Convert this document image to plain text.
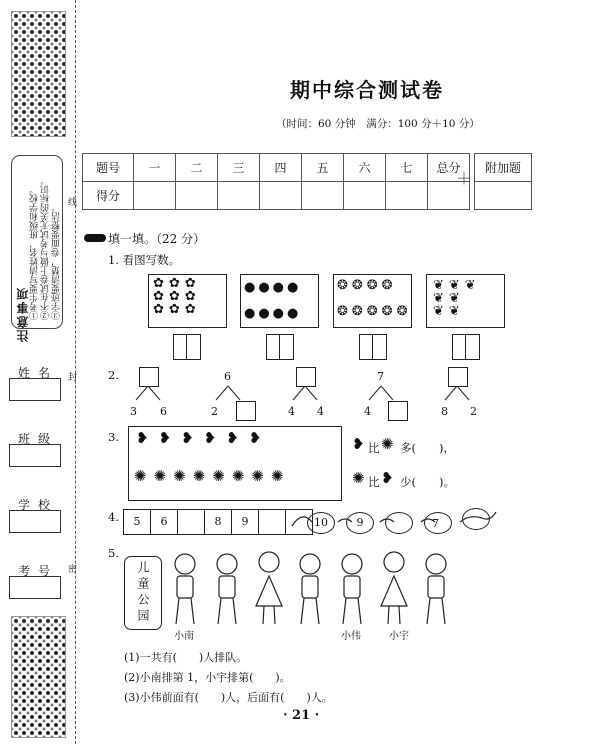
线
封
密
注意事项 ①考生要写清姓名、班级和学校。 ②不在试卷上做与考试无关的标识。 ③字迹要清楚，卷面要整洁。
姓名
班级
学校
考号
期中综合测试卷
（时间：60 分钟　满分：100 分＋10 分）
题号	一	二	三	四	五	六	七	总分
得分								
＋
附加题

填一填。（22 分）
1. 看图写数。
✿✿✿
✿✿✿
✿✿✿
●●●●

●●●●
❂❂❂❂

❂❂❂❂❂
❦❦❦
❦❦
❦❦
2.
3 6
6
2	4 4
7
4	8 2
3. ❥❥❥❥❥❥
✺✺✺✺✺✺✺✺
❥ 比 ✺ 多(　　)，
✺ 比 ❥ 少(　　)。
4.	5	6	8	9	10	9	7
5.
儿童公园
小南	小伟	小宇
(1)一共有(　　)人排队。
(2)小南排第 1，小宇排第(　　)。
(3)小伟前面有(　　)人，后面有(　　)人。
· 21 ·
